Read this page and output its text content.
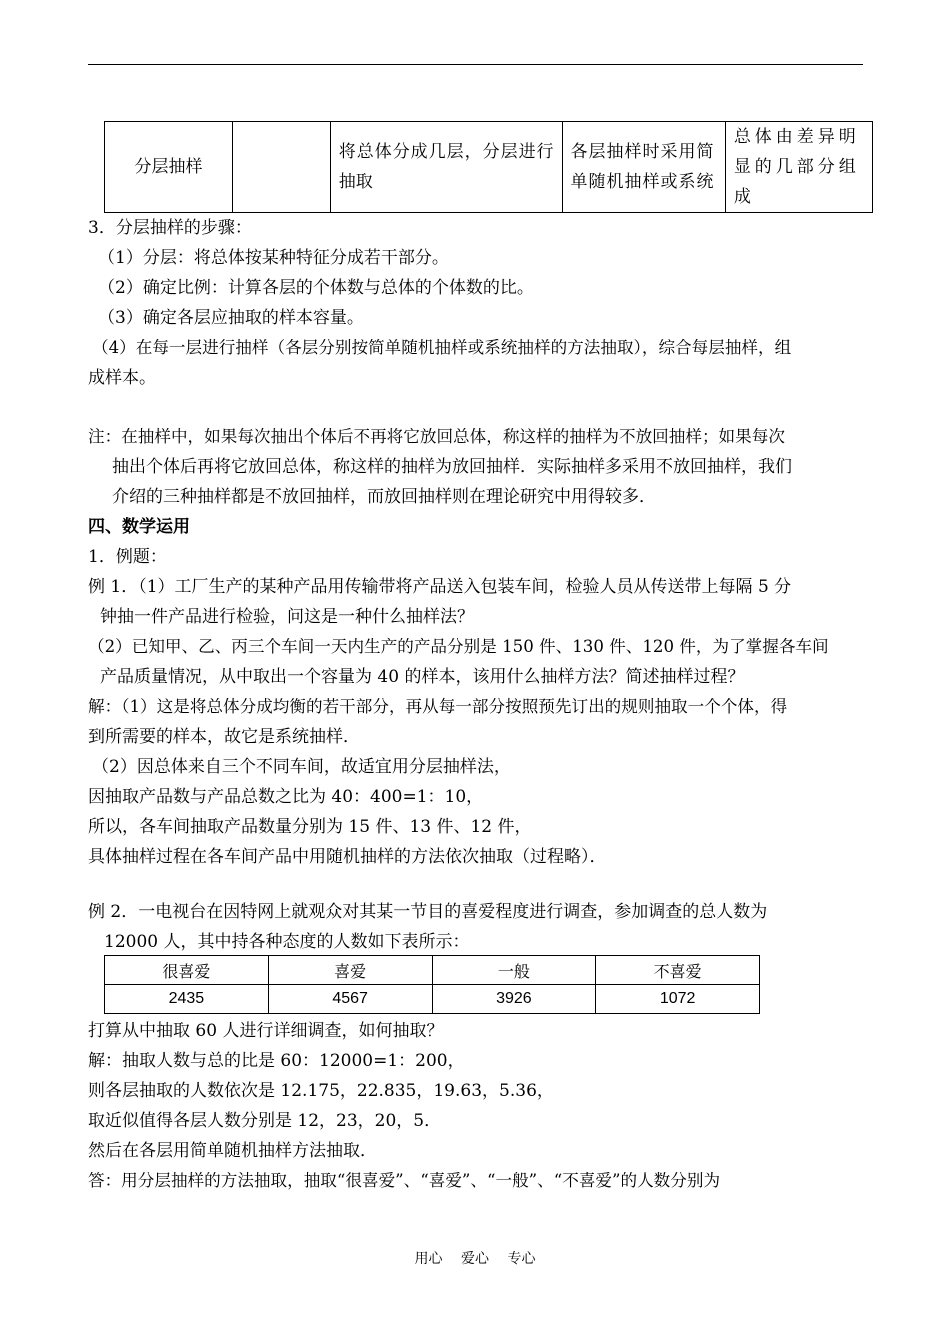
分层抽样		将总体分成几层，分层进行抽取	各层抽样时采用简单随机抽样或系统	总体由差异明显的几部分组成
3．分层抽样的步骤：
（1）分层：将总体按某种特征分成若干部分。
（2）确定比例：计算各层的个体数与总体的个体数的比。
（3）确定各层应抽取的样本容量。
（4）在每一层进行抽样（各层分别按简单随机抽样或系统抽样的方法抽取），综合每层抽样，组
成样本。
注：在抽样中，如果每次抽出个体后不再将它放回总体，称这样的抽样为不放回抽样；如果每次
抽出个体后再将它放回总体，称这样的抽样为放回抽样．实际抽样多采用不放回抽样，我们
介绍的三种抽样都是不放回抽样，而放回抽样则在理论研究中用得较多．
四、数学运用
1．例题：
例 1．（1）工厂生产的某种产品用传输带将产品送入包装车间，检验人员从传送带上每隔 5 分
钟抽一件产品进行检验，问这是一种什么抽样法？
（2）已知甲、乙、丙三个车间一天内生产的产品分别是 150 件、130 件、120 件，为了掌握各车间
产品质量情况，从中取出一个容量为 40 的样本，该用什么抽样方法？简述抽样过程？
解：（1）这是将总体分成均衡的若干部分，再从每一部分按照预先订出的规则抽取一个个体，得
到所需要的样本，故它是系统抽样．
（2）因总体来自三个不同车间，故适宜用分层抽样法，
因抽取产品数与产品总数之比为 40：400=1：10，
所以，各车间抽取产品数量分别为 15 件、13 件、12 件，
具体抽样过程在各车间产品中用随机抽样的方法依次抽取（过程略）．
例 2．一电视台在因特网上就观众对其某一节目的喜爱程度进行调查，参加调查的总人数为
12000 人，其中持各种态度的人数如下表所示：
很喜爱	喜爱	一般	不喜爱
2435	4567	3926	1072
打算从中抽取 60 人进行详细调查，如何抽取？
解：抽取人数与总的比是 60：12000=1：200，
则各层抽取的人数依次是 12.175，22.835，19.63，5.36，
取近似值得各层人数分别是 12，23，20，5．
然后在各层用简单随机抽样方法抽取．
答：用分层抽样的方法抽取，抽取“很喜爱”、“喜爱”、“一般”、“不喜爱”的人数分别为
用心 爱心 专心
